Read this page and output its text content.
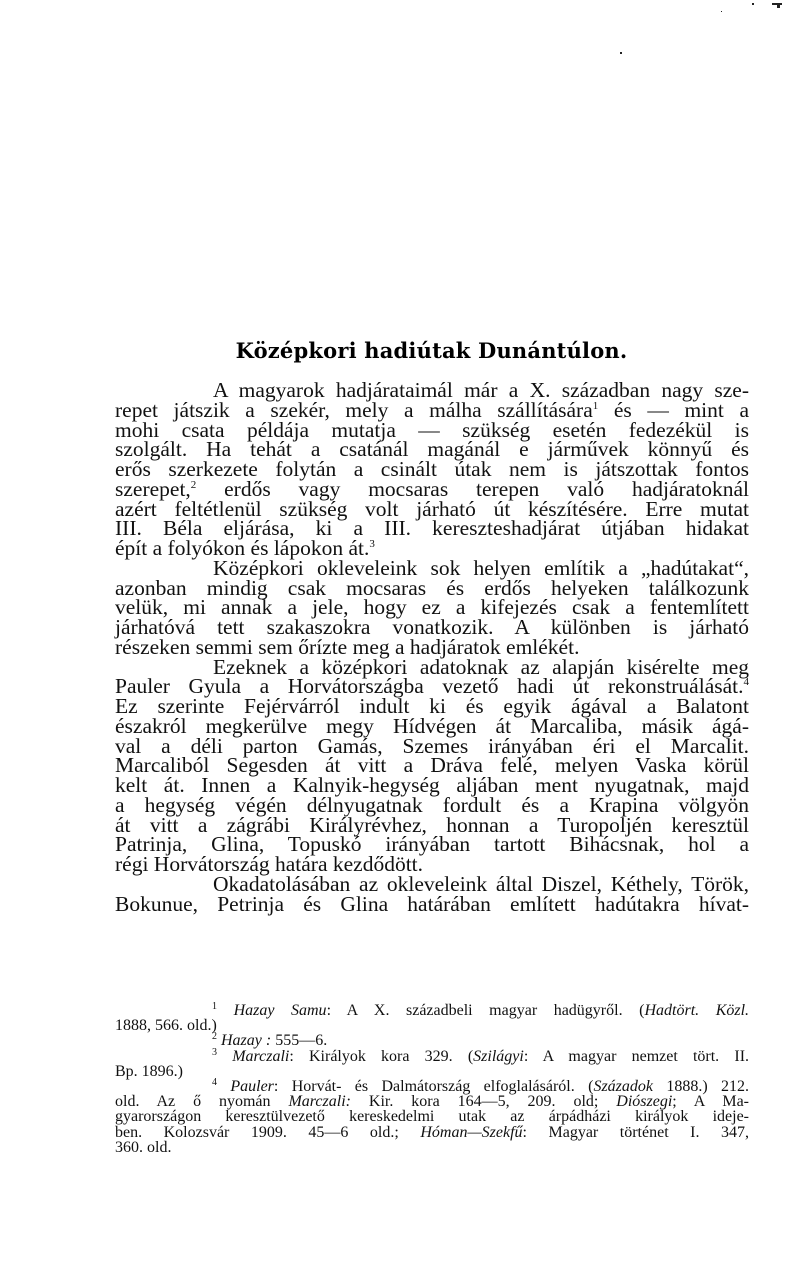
Középkori hadiútak Dunántúlon.
A magyarok hadjárataimál már a X. században nagy sze-
repet játszik a szekér, mely a málha szállítására$^1$ és — mint a
mohi csata példája mutatja — szükség esetén fedezékül is
szolgált. Ha tehát a csatánál magánál e járművek könnyű és
erős szerkezete folytán a csinált útak nem is játszottak fontos
szerepet,$^2$ erdős vagy mocsaras terepen való hadjáratoknál
azért feltétlenül szükség volt járható út készítésére. Erre mutat
III. Béla eljárása, ki a III. kereszteshadjárat útjában hidakat
épít a folyókon és lápokon át.$^3$
Középkori okleveleink sok helyen említik a „hadútakat“,
azonban mindig csak mocsaras és erdős helyeken találkozunk
velük, mi annak a jele, hogy ez a kifejezés csak a fentemlített
járhatóvá tett szakaszokra vonatkozik. A különben is járható
részeken semmi sem őrízte meg a hadjáratok emlékét.
Ezeknek a középkori adatoknak az alapján kisérelte meg
Pauler Gyula a Horvátországba vezető hadi út rekonstruálását.$^4$
Ez szerinte Fejérvárról indult ki és egyik ágával a Balatont
északról megkerülve megy Hídvégen át Marcaliba, másik ágá-
val a déli parton Gamás, Szemes irányában éri el Marcalit.
Marcaliból Segesden át vitt a Dráva felé, melyen Vaska körül
kelt át. Innen a Kalnyik-hegység aljában ment nyugatnak, majd
a hegység végén délnyugatnak fordult és a Krapina völgyön
át vitt a zágrábi Királyrévhez, honnan a Turopoljén keresztül
Patrinja, Glina, Topuskó irányában tartott Bihácsnak, hol a
régi Horvátország határa kezdődött.
Okadatolásában az okleveleink által Diszel, Kéthely, Török,
Bokunue, Petrinja és Glina határában említett hadútakra hívat-
$^1$ Hazay Samu: A X. századbeli magyar hadügyről. (Hadtört. Közl.
1888, 566. old.)
$^2$ Hazay : 555—6.
$^3$ Marczali: Királyok kora 329. (Szilágyi: A magyar nemzet tört. II.
Bp. 1896.)
$^4$ Pauler: Horvát- és Dalmátország elfoglalásáról. (Századok 1888.) 212.
old. Az ő nyomán Marczali: Kir. kora 164—5, 209. old; Diószegi; A Ma-
gyarországon keresztülvezető kereskedelmi utak az árpádházi királyok ideje-
ben. Kolozsvár 1909. 45—6 old.; Hóman—Szekfű: Magyar történet I. 347,
360. old.
